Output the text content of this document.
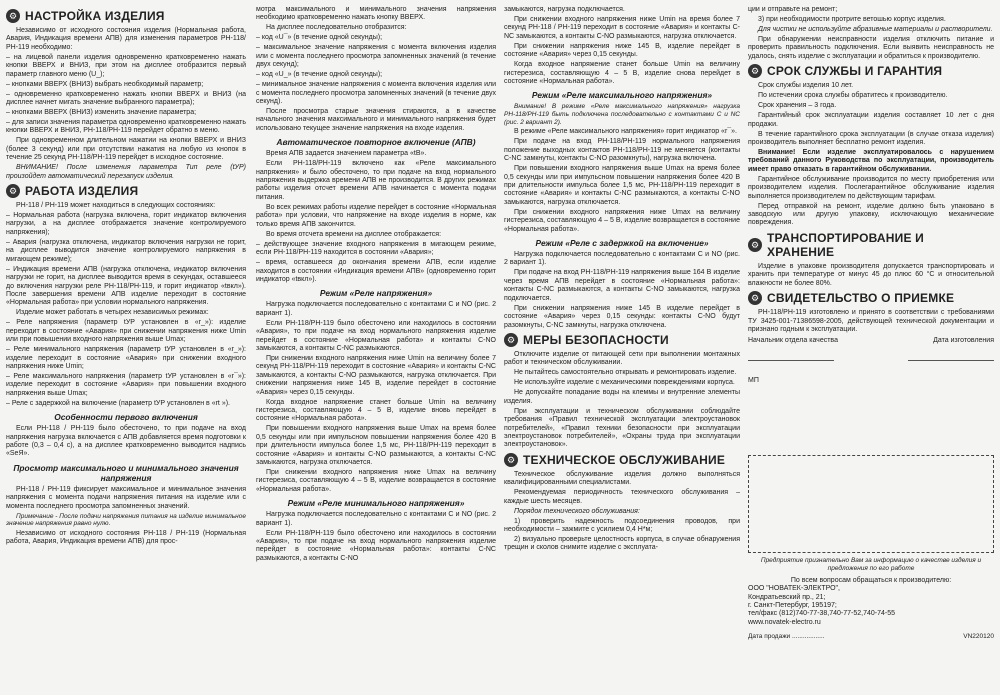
⚙ НАСТРОЙКА ИЗДЕЛИЯ

Независимо от исходного состояния изделия (Нормальная работа, Авария, Индикация времени АПВ) для изменения параметров РН-118/РН-119 необходимо:

– на лицевой панели изделия одновременно кратковременно нажать кнопки ВВЕРХ и ВНИЗ, при этом на дисплее отобразится первый параметр главного меню (U_);

– кнопками ВВЕРХ (ВНИЗ) выбрать необходимый параметр;

– одновременно кратковременно нажать кнопки ВВЕРХ и ВНИЗ (на дисплее начнет мигать значение выбранного параметра);

– кнопками ВВЕРХ (ВНИЗ) изменить значение параметра;

– для записи значения параметра одновременно кратковременно нажать кнопки ВВЕРХ и ВНИЗ, РН-118/РН-119 перейдет обратно в меню.

При одновременном длительном нажатии на кнопки ВВЕРХ и ВНИЗ (более 3 секунд) или при отсутствии нажатия на любую из кнопок в течение 25 секунд РН-118/РН-119 перейдет в исходное состояние.

ВНИМАНИЕ! После изменения параметра Тип реле (tУР) произойдет автоматический перезапуск изделия.

⚙ РАБОТА ИЗДЕЛИЯ

РН-118 / РН-119 может находиться в следующих состояниях:

– Нормальная работа (нагрузка включена, горит индикатор включения нагрузки, а на дисплее отображается значение контролируемого напряжения);

– Авария (нагрузка отключена, индикатор включения нагрузки не горит, на дисплее выводится значение контролируемого напряжения в мигающем режиме);

– Индикация времени АПВ (нагрузка отключена, индикатор включения нагрузки не горит, на дисплее выводится время в секундах, оставшееся до включения нагрузки реле РН-118/РН-119, и горит индикатор «tвкл»). После завершения времени АПВ изделие переходит в состояние «Нормальная работа» при условии нормального напряжения.

Изделие может работать в четырех независимых режимах:

– Реле напряжения (параметр tУР установлен в «r_»): изделие переходит в состояние «Авария» при снижении напряжения ниже Umin или при повышении входного напряжения выше Umax;

– Реле минимального напряжения (параметр tУР установлен в «r_»): изделие переходит в состояние «Авария» при снижении входного напряжения ниже Umin;

– Реле максимального напряжения (параметр tУР установлен в «r¯»): изделие переходит в состояние «Авария» при повышении входного напряжения выше Umax;

– Реле с задержкой на включение (параметр tУР установлен в «rt »).

Особенности первого включения

Если РН-118 / РН-119 было обесточено, то при подаче на вход напряжения нагрузка включается с АПВ добавляется время подготовки к работе (0,3 – 0,4 с), а на дисплее кратковременно выводится надпись «SеЯ».

Просмотр максимального и минимального значения напряжения

РН-118 / РН-119 фиксирует максимальное и минимальное значения напряжения с момента подачи напряжения питания на изделие или с момента последнего просмотра запомненных значений.

Примечание - После подачи напряжения питания на изделие минимальное значение напряжения равно нулю.

Независимо от исходного состояния РН-118 / РН-119 (Нормальная работа, Авария, Индикация времени АПВ) для прос-

мотра максимального и минимального значения напряжения необходимо кратковременно нажать кнопку ВВЕРХ.

На дисплее последовательно отобразится:

– код «U¯» (в течение одной секунды);

– максимальное значение напряжения с момента включения изделия или с момента последнего просмотра запомненных значений (в течение двух секунд);

– код «U_» (в течение одной секунды);

– минимальное значение напряжения с момента включения изделия или с момента последнего просмотра запомненных значений (в течение двух секунд).

После просмотра старые значения стираются, а в качестве начального значения максимального и минимального напряжения будет использовано текущее значение напряжения на входе изделия.

Автоматическое повторное включение (АПВ)

Время АПВ задается значением параметра «tВ».

Если РН-118/РН-119 включено как «Реле максимального напряжения» и было обесточено, то при подаче на вход нормального напряжения выдержка времени АПВ не производится. В других режимах работы изделия отсчет времени АПВ начинается с момента подачи питания.

Во всех режимах работы изделие перейдет в состояние «Нормальная работа» при условии, что напряжение на входе изделия в норме, как только время АПВ закончится.

Во время отсчета времени на дисплее отображается:

– действующее значение входного напряжения в мигающем режиме, если РН-118/РН-119 находится в состоянии «Авария»;

– время, оставшееся до окончания времени АПВ, если изделие находится в состоянии «Индикация времени АПВ» (одновременно горит индикатор «tвкл»).

Режим «Реле напряжения»

Нагрузка подключается последовательно с контактами С и NO (рис. 2 вариант 1).

Если РН-118/РН-119 было обесточено или находилось в состоянии «Авария», то при подаче на вход нормального напряжения изделие перейдет в состояние «Нормальная работа» и контакты С-NO замыкаются, а контакты С-NC размыкаются.

При снижении входного напряжения ниже Umin на величину более 7 секунд РН-118/РН-119 переходит в состояние «Авария» и контакты С-NC замыкаются, а контакты С-NO размыкаются, нагрузка отключается. При снижении напряжения ниже 145 В, изделие перейдет в состояние «Авария» через 0,15 секунды.

Когда входное напряжение станет больше Umin на величину гистерезиса, составляющую 4 – 5 В, изделие вновь перейдет в состояние «Нормальная работа».

При повышении входного напряжения выше Umax на время более 0,5 секунды или при импульсном повышении напряжения более 420 В при длительности импульса более 1,5 мс, РН-118/РН-119 переходит в состояние «Авария» и контакты С-NO размыкаются, а контакты С-NC замыкаются, нагрузка отключается.

При снижении входного напряжения ниже Umax на величину гистерезиса, составляющую 4 – 5 В, изделие возвращается в состояние «Нормальная работа».

Режим «Реле минимального напряжения»

Нагрузка подключается последовательно с контактами С и NO (рис. 2 вариант 1).

Если РН-118/РН-119 было обесточено или находилось в состоянии «Авария», то при подаче на вход нормального напряжения изделие перейдет в состояние «Нормальная работа»: контакты С-NC размыкаются, а контакты С-NO

замыкаются, нагрузка подключается.

При снижении входного напряжения ниже Umin на время более 7 секунд РН-118 / РН-119 переходит в состояние «Авария» и контакты С-NC замыкаются, а контакты С-NO размыкаются, нагрузка отключается.

При снижении напряжения ниже 145 В, изделие перейдет в состояние «Авария» через 0,15 секунды.

Когда входное напряжение станет больше Umin на величину гистерезиса, составляющую 4 – 5 В, изделие снова перейдет в состояние «Нормальная работа».

Режим «Реле максимального напряжения»

Внимание! В режиме «Реле максимального напряжения» нагрузка РН-118/РН-119 быть подключена последовательно с контактами С и NC (рис. 2 вариант 2).

В режиме «Реле максимального напряжения» горит индикатор «r¯».

При подаче на вход РН-118/РН-119 нормального напряжения положение выходных контактов РН-118/РН-119 не меняется (контакты С-NC замкнуты, контакты С-NO разомкнуты), нагрузка включена.

При повышении входного напряжения выше Umax на время более 0,5 секунды или при импульсном повышении напряжения более 420 В при длительности импульса более 1,5 мс, РН-118/РН-119 переходит в состояние «Авария» и контакты С-NC размыкаются, а контакты С-NO замыкаются, нагрузка отключается.

При снижении входного напряжения ниже Umax на величину гистерезиса, составляющую 4 – 5 В, изделие возвращается в состояние «Нормальная работа».

Режим «Реле с задержкой на включение»

Нагрузка подключается последовательно с контактами С и NO (рис. 2 вариант 1).

При подаче на вход РН-118/РН-119 напряжения выше 164 В изделие через время АПВ перейдет в состояние «Нормальная работа»: контакты С-NC размыкаются, а контакты С-NO замыкаются, нагрузка подключается.

При снижении напряжения ниже 145 В изделие перейдет в состояние «Авария» через 0,15 секунды: контакты С-NO будут разомкнуты, С-NC замкнуты, нагрузка отключена.

⚙ МЕРЫ БЕЗОПАСНОСТИ

Отключите изделие от питающей сети при выполнении монтажных работ и техническом обслуживании.

Не пытайтесь самостоятельно открывать и ремонтировать изделие.

Не используйте изделие с механическими повреждениями корпуса.

Не допускайте попадание воды на клеммы и внутренние элементы изделия.

При эксплуатации и техническом обслуживании соблюдайте требования «Правил технической эксплуатации электроустановок потребителей», «Правил техники безопасности при эксплуатации электроустановок потребителей», «Охраны труда при эксплуатации электроустановок».

⚙ ТЕХНИЧЕСКОЕ ОБСЛУЖИВАНИЕ

Техническое обслуживание изделия должно выполняться квалифицированными специалистами.

Рекомендуемая периодичность технического обслуживания – каждые шесть месяцев.

Порядок технического обслуживания:

1) проверить надежность подсоединения проводов, при необходимости – зажмите с усилием 0,4 Н*м;

2) визуально проверьте целостность корпуса, в случае обнаружения трещин и сколов снимите изделие с эксплуата-

ции и отправьте на ремонт;

3) при необходимости протрите ветошью корпус изделия.

Для чистки не используйте абразивные материалы и растворители.

При обнаружении неисправности изделия отключить питание и проверить правильность подключения. Если выявить неисправность не удалось, снять изделие с эксплуатации и обратиться к производителю.

⚙ СРОК СЛУЖБЫ И ГАРАНТИЯ

Срок службы изделия 10 лет.

По истечении срока службы обратитесь к производителю.

Срок хранения – 3 года.

Гарантийный срок эксплуатации изделия составляет 10 лет с дня продажи.

В течение гарантийного срока эксплуатации (в случае отказа изделия) производитель выполняет бесплатно ремонт изделия.

Внимание! Если изделие эксплуатировалось с нарушением требований данного Руководства по эксплуатации, производитель имеет право отказать в гарантийном обслуживании.

Гарантийное обслуживание производится по месту приобретения или производителем изделия. Послегарантийное обслуживание изделия выполняется производителем по действующим тарифам.

Перед отправкой на ремонт, изделие должно быть упаковано в заводскую или другую упаковку, исключающую механические повреждения.

⚙ ТРАНСПОРТИРОВАНИЕ И ХРАНЕНИЕ

Изделие в упаковке производителя допускается транспортировать и хранить при температуре от минус 45 до плюс 60 °С и относительной влажности не более 80%.

⚙ СВИДЕТЕЛЬСТВО О ПРИЕМКЕ

РН-118/РН-119 изготовлено и принято в соответствии с требованиями ТУ 3425-001-71386598-2005, действующей технической документации и признано годным к эксплуатации.

Начальник отдела качества	Дата изготовления
МП
Предприятие признательно Вам за информацию о качестве изделия и предложения по его работе

По всем вопросам обращаться к производителю:

ООО "НОВАТЕК-ЭЛЕКТРО",

Кондратьевский пр., 21;

г. Санкт-Петербург, 195197;

тел/факс (812)740-77-38,740-77-52,740-74-55

www.novatek-electro.ru

Дата продажи ..................	VN220120
